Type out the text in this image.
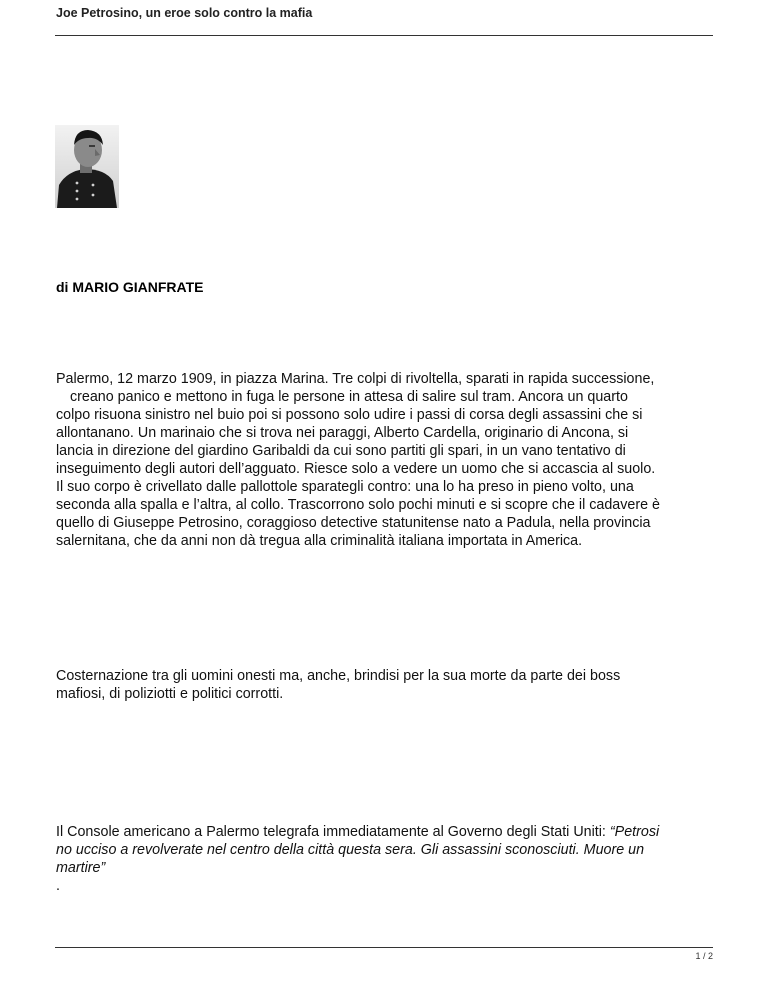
Joe Petrosino, un eroe solo contro la mafia
di MARIO GIANFRATE
Palermo, 12 marzo 1909, in piazza Marina. Tre colpi di rivoltella, sparati in rapida successione,
creano panico e mettono in fuga le persone in attesa di salire sul tram. Ancora un quarto
colpo risuona sinistro nel buio poi si possono solo udire i passi di corsa degli assassini che si
allontanano. Un marinaio che si trova nei paraggi, Alberto Cardella, originario di Ancona, si
lancia in direzione del giardino Garibaldi da cui sono partiti gli spari, in un vano tentativo di
inseguimento degli autori dell’agguato. Riesce solo a vedere un uomo che si accascia al suolo.
Il suo corpo è crivellato dalle pallottole sparategli contro: una lo ha preso in pieno volto, una
seconda alla spalla e l’altra, al collo. Trascorrono solo pochi minuti e si scopre che il cadavere è
quello di Giuseppe Petrosino, coraggioso detective statunitense nato a Padula, nella provincia
salernitana, che da anni non dà tregua alla criminalità italiana importata in America.
Costernazione tra gli uomini onesti ma, anche, brindisi per la sua morte da parte dei boss
mafiosi, di poliziotti e politici corrotti.
Il Console americano a Palermo telegrafa immediatamente al Governo degli Stati Uniti: “Petrosi
no ucciso a revolverate nel centro della città questa sera. Gli assassini sconosciuti. Muore un
martire”
.
1 / 2
